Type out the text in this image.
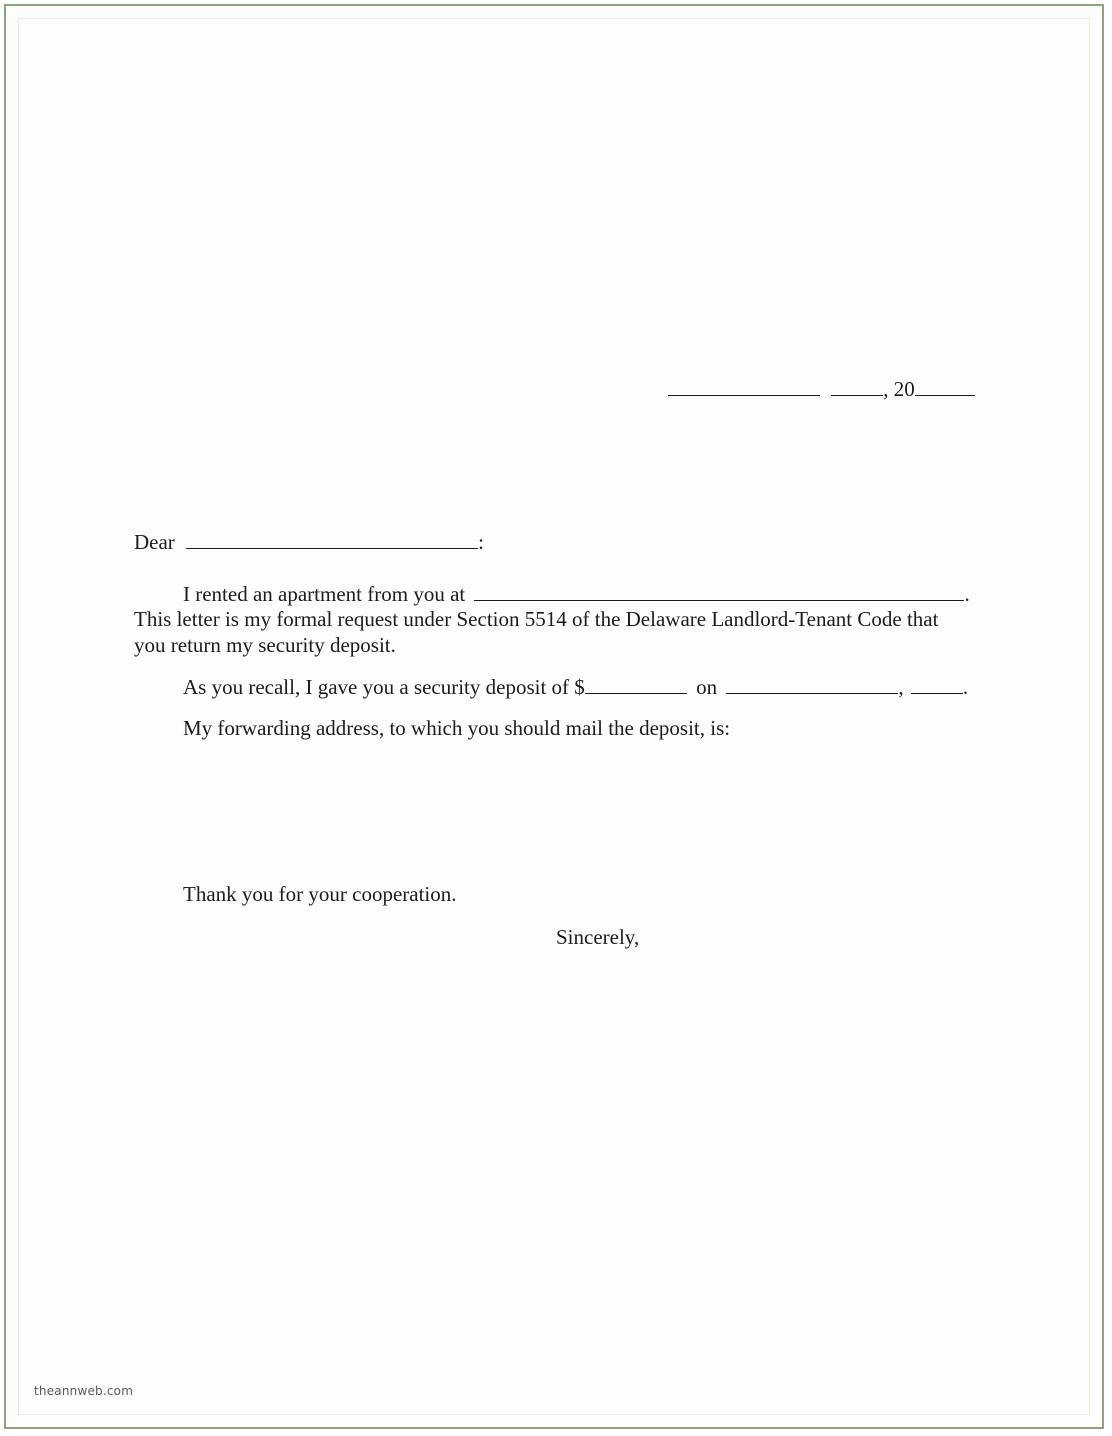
, 20
Dear	:
I rented an apartment from you at	.
This letter is my formal request under Section 5514 of the Delaware Landlord-Tenant Code that
you return my security deposit.
As you recall, I gave you a security deposit of $	on	,	.
My forwarding address, to which you should mail the deposit, is:
Thank you for your cooperation.
Sincerely,
theannweb.com
